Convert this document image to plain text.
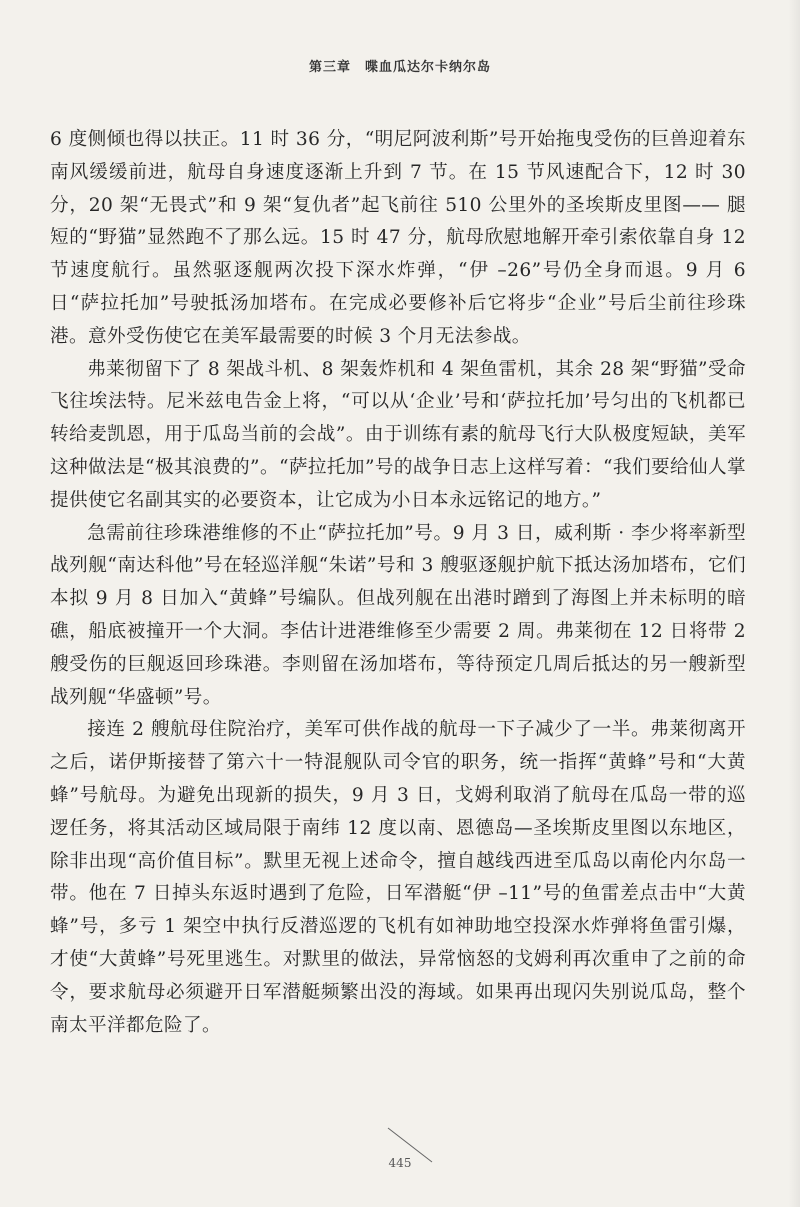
第三章 喋血瓜达尔卡纳尔岛

6 度侧倾也得以扶正。11 时 36 分，“明尼阿波利斯”号开始拖曳受伤的巨兽迎着东南风缓缓前进，航母自身速度逐渐上升到 7 节。在 15 节风速配合下，12 时 30 分，20 架“无畏式”和 9 架“复仇者”起飞前往 510 公里外的圣埃斯皮里图—— 腿短的“野猫”显然跑不了那么远。15 时 47 分，航母欣慰地解开牵引索依靠自身 12 节速度航行。虽然驱逐舰两次投下深水炸弹，“伊 –26”号仍全身而退。9 月 6 日“萨拉托加”号驶抵汤加塔布。在完成必要修补后它将步“企业”号后尘前往珍珠港。意外受伤使它在美军最需要的时候 3 个月无法参战。

弗莱彻留下了 8 架战斗机、8 架轰炸机和 4 架鱼雷机，其余 28 架“野猫”受命飞往埃法特。尼米兹电告金上将，“可以从‘企业’号和‘萨拉托加’号匀出的飞机都已转给麦凯恩，用于瓜岛当前的会战”。由于训练有素的航母飞行大队极度短缺，美军这种做法是“极其浪费的”。“萨拉托加”号的战争日志上这样写着：“我们要给仙人掌提供使它名副其实的必要资本，让它成为小日本永远铭记的地方。”

急需前往珍珠港维修的不止“萨拉托加”号。9 月 3 日，威利斯 · 李少将率新型战列舰“南达科他”号在轻巡洋舰“朱诺”号和 3 艘驱逐舰护航下抵达汤加塔布，它们本拟 9 月 8 日加入“黄蜂”号编队。但战列舰在出港时蹭到了海图上并未标明的暗礁，船底被撞开一个大洞。李估计进港维修至少需要 2 周。弗莱彻在 12 日将带 2 艘受伤的巨舰返回珍珠港。李则留在汤加塔布，等待预定几周后抵达的另一艘新型战列舰“华盛顿”号。

接连 2 艘航母住院治疗，美军可供作战的航母一下子减少了一半。弗莱彻离开之后，诺伊斯接替了第六十一特混舰队司令官的职务，统一指挥“黄蜂”号和“大黄蜂”号航母。为避免出现新的损失，9 月 3 日，戈姆利取消了航母在瓜岛一带的巡逻任务，将其活动区域局限于南纬 12 度以南、恩德岛—圣埃斯皮里图以东地区，除非出现“高价值目标”。默里无视上述命令，擅自越线西进至瓜岛以南伦内尔岛一带。他在 7 日掉头东返时遇到了危险，日军潜艇“伊 –11”号的鱼雷差点击中“大黄蜂”号，多亏 1 架空中执行反潜巡逻的飞机有如神助地空投深水炸弹将鱼雷引爆，才使“大黄蜂”号死里逃生。对默里的做法，异常恼怒的戈姆利再次重申了之前的命令，要求航母必须避开日军潜艇频繁出没的海域。如果再出现闪失别说瓜岛，整个南太平洋都危险了。

445
